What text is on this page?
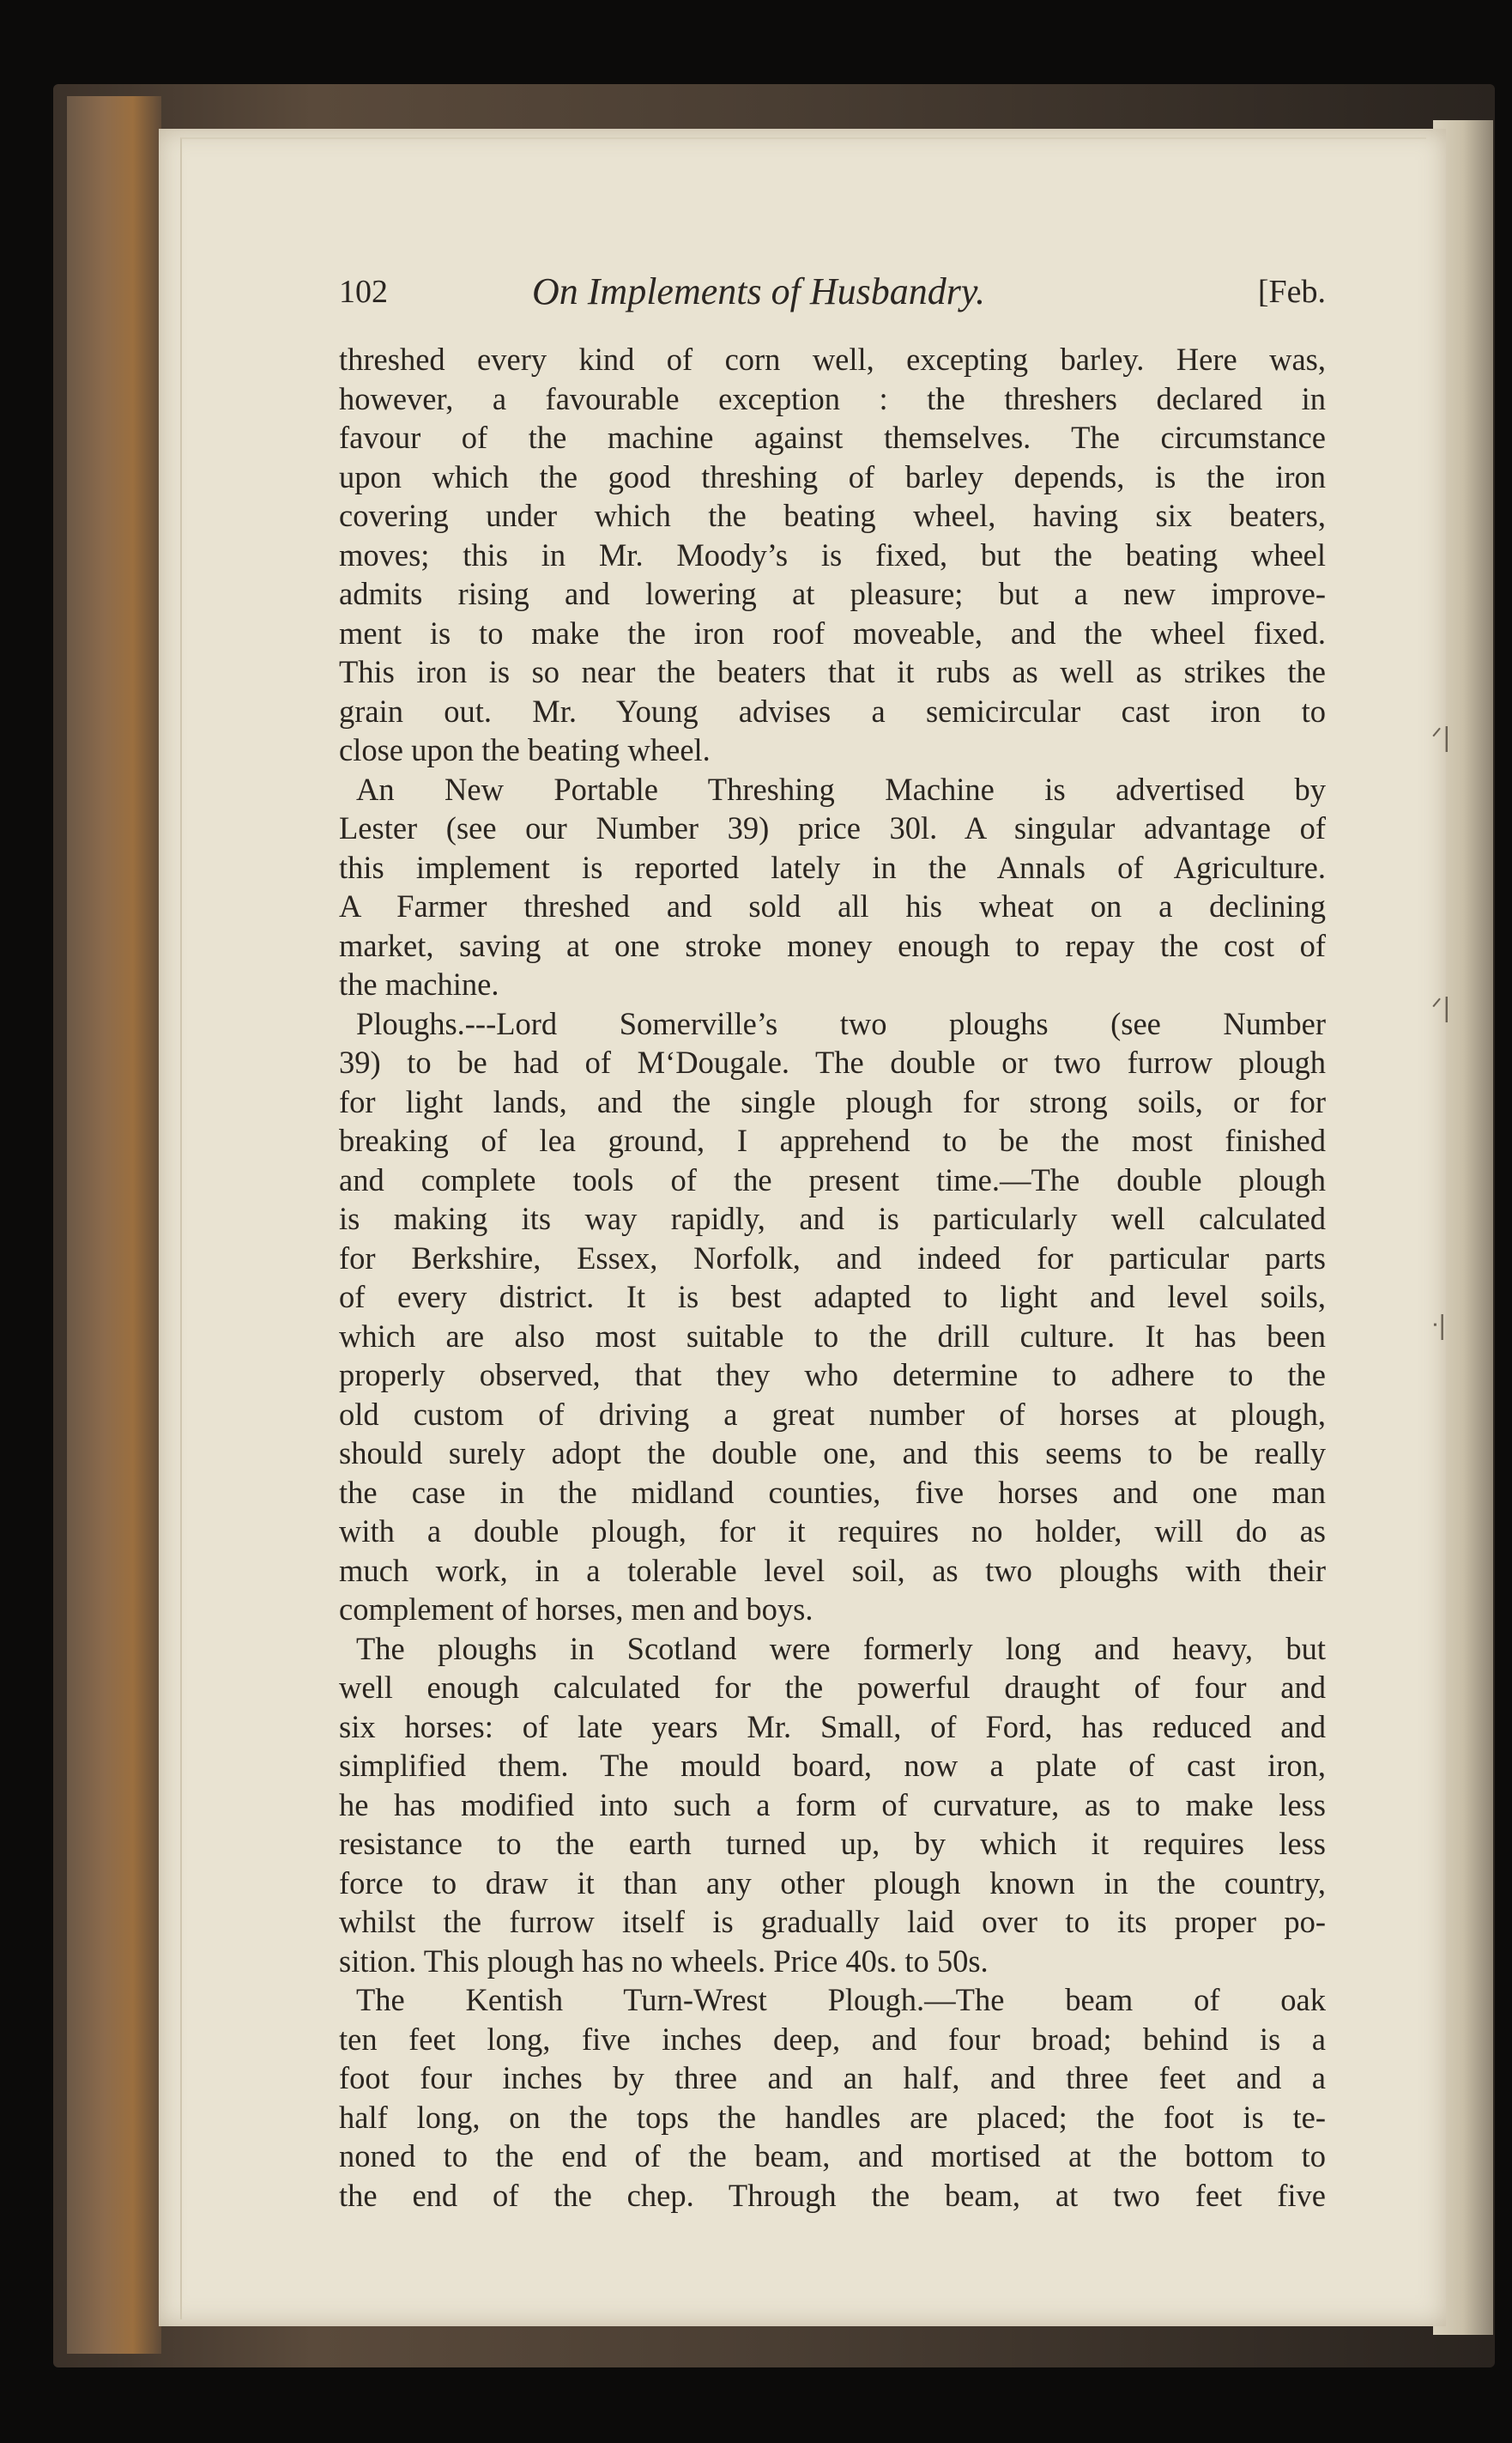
102	On Implements of Husbandry.	[Feb.
threshed every kind of corn well, excepting barley. Here was,
however, a favourable exception : the threshers declared in
favour of the machine against themselves. The circumstance
upon which the good threshing of barley depends, is the iron
covering under which the beating wheel, having six beaters,
moves; this in Mr. Moody’s is fixed, but the beating wheel
admits rising and lowering at pleasure; but a new improve-
ment is to make the iron roof moveable, and the wheel fixed.
This iron is so near the beaters that it rubs as well as strikes the
grain out. Mr. Young advises a semicircular cast iron to
close upon the beating wheel.
An New Portable Threshing Machine is advertised by
Lester (see our Number 39) price 30l. A singular advantage of
this implement is reported lately in the Annals of Agriculture.
A Farmer threshed and sold all his wheat on a declining
market, saving at one stroke money enough to repay the cost of
the machine.
Ploughs.---Lord Somerville’s two ploughs (see Number
39) to be had of M‘Dougale. The double or two furrow plough
for light lands, and the single plough for strong soils, or for
breaking of lea ground, I apprehend to be the most finished
and complete tools of the present time.—The double plough
is making its way rapidly, and is particularly well calculated
for Berkshire, Essex, Norfolk, and indeed for particular parts
of every district. It is best adapted to light and level soils,
which are also most suitable to the drill culture. It has been
properly observed, that they who determine to adhere to the
old custom of driving a great number of horses at plough,
should surely adopt the double one, and this seems to be really
the case in the midland counties, five horses and one man
with a double plough, for it requires no holder, will do as
much work, in a tolerable level soil, as two ploughs with their
complement of horses, men and boys.
The ploughs in Scotland were formerly long and heavy, but
well enough calculated for the powerful draught of four and
six horses: of late years Mr. Small, of Ford, has reduced and
simplified them. The mould board, now a plate of cast iron,
he has modified into such a form of curvature, as to make less
resistance to the earth turned up, by which it requires less
force to draw it than any other plough known in the country,
whilst the furrow itself is gradually laid over to its proper po-
sition. This plough has no wheels. Price 40s. to 50s.
The Kentish Turn-Wrest Plough.—The beam of oak
ten feet long, five inches deep, and four broad; behind is a
foot four inches by three and an half, and three feet and a
half long, on the tops the handles are placed; the foot is te-
noned to the end of the beam, and mortised at the bottom to
the end of the chep. Through the beam, at two feet five
ᐟ|
ᐟ|
ᐧ|
